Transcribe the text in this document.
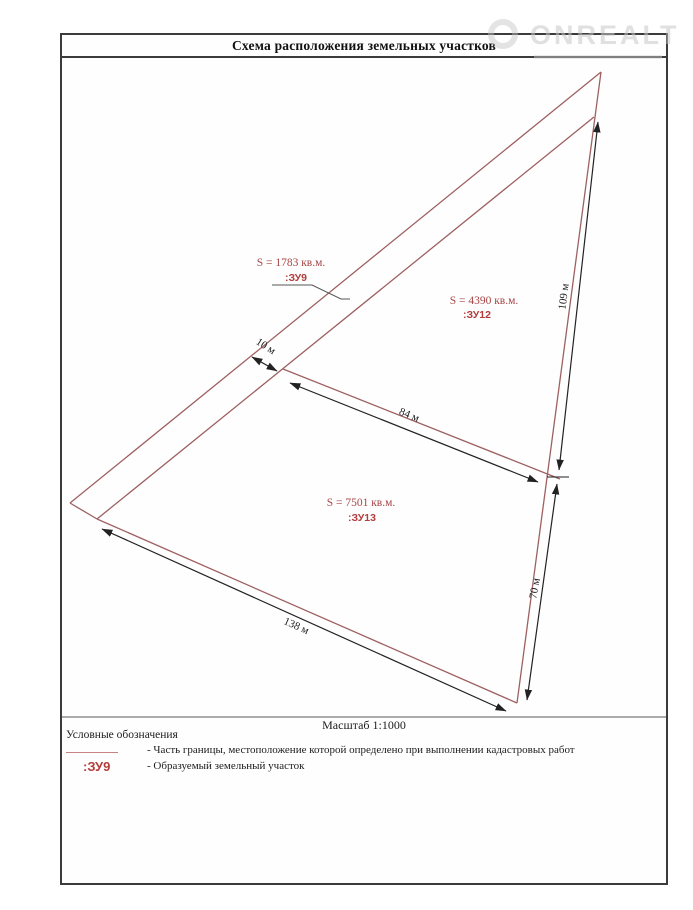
Схема расположения земельных участков ONREALT
S = 1783 кв.м.
:ЗУ9
S = 4390 кв.м.
:ЗУ12
S = 7501 кв.м.
:ЗУ13
10 м
84 м
109 м
70 м
138 м
Масштаб 1:1000
Условные обозначения
- Часть границы, местоположение которой определено при выполнении кадастровых работ
:ЗУ9	- Образуемый земельный участок
